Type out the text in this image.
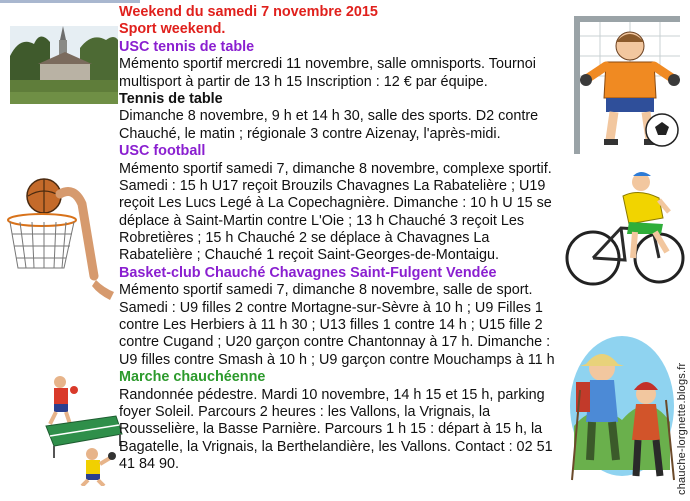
Weekend du samedi 7 novembre 2015
Sport weekend.
USC tennis de table
Mémento sportif mercredi 11 novembre, salle omnisports. Tournoi
multisport à partir de 13 h 15 Inscription : 12 € par équipe.
Tennis de table
Dimanche 8 novembre, 9 h et 14 h 30, salle des sports. D2 contre
Chauché, le matin ; régionale 3 contre Aizenay, l'après-midi.
USC football
Mémento sportif samedi 7, dimanche 8 novembre, complexe sportif.
Samedi : 15 h U17 reçoit Brouzils Chavagnes La Rabatelière ; U19
reçoit Les Lucs Legé à La Copechagnière. Dimanche : 10 h U 15 se
déplace à Saint-Martin contre L'Oie ; 13 h Chauché 3 reçoit Les
Robretières ; 15 h Chauché 2 se déplace à Chavagnes La
Rabatelière ; Chauché 1 reçoit Saint-Georges-de-Montaigu.
Basket-club Chauché Chavagnes Saint-Fulgent Vendée
Mémento sportif samedi 7, dimanche 8 novembre, salle de sport.
Samedi : U9 filles 2 contre Mortagne-sur-Sèvre à 10 h ; U9 Filles 1
contre Les Herbiers à 11 h 30 ; U13 filles 1 contre 14 h ; U15 fille 2
contre Cugand ; U20 garçon contre Chantonnay à 17 h. Dimanche :
U9 filles contre Smash à 10 h ; U9 garçon contre Mouchamps à 11 h
Marche chauchéenne
Randonnée pédestre. Mardi 10 novembre, 14 h 15 et 15 h, parking
foyer Soleil. Parcours 2 heures : les Vallons, la Vrignais, la
Rousselière, la Basse Parnière. Parcours 1 h 15 : départ à 15 h, la
Bagatelle, la Vrignais, la Berthelandière, les Vallons. Contact : 02 51
41 84 90.	chauche-lorgnette.blogs.fr
